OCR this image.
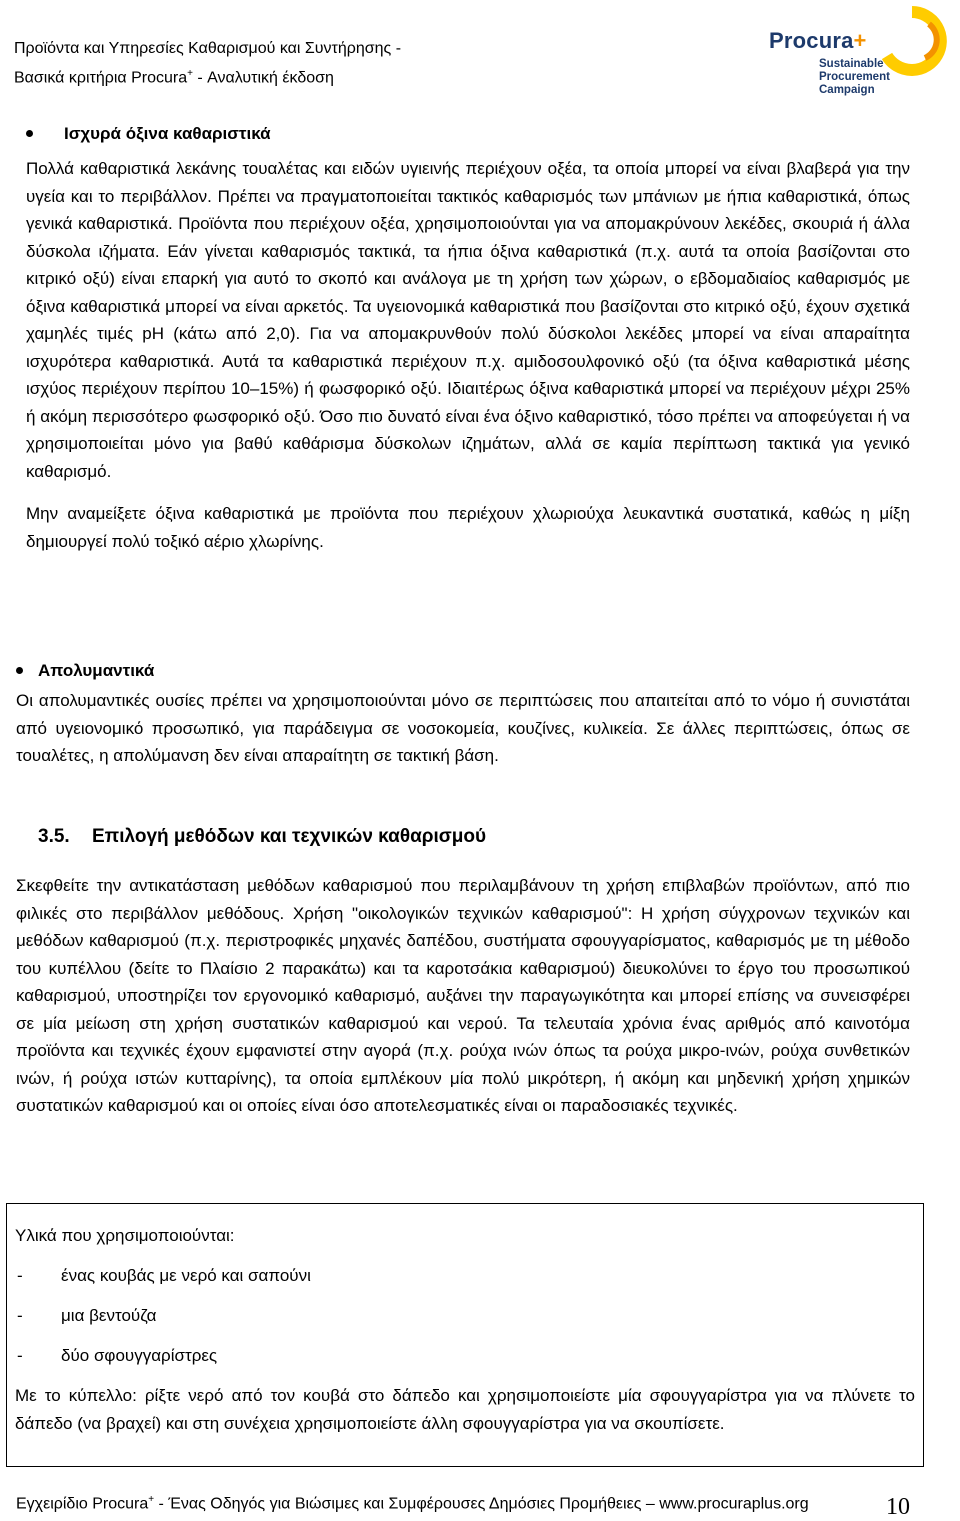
Προϊόντα και Υπηρεσίες Καθαρισμού και Συντήρησης -
Βασικά κριτήρια Procura+ - Αναλυτική έκδοση
Procura+
Sustainable
Procurement
Campaign
Ισχυρά όξινα καθαριστικά

Πολλά καθαριστικά λεκάνης τουαλέτας και ειδών υγιεινής περιέχουν οξέα, τα οποία μπορεί να είναι βλαβερά για την υγεία και το περιβάλλον. Πρέπει να πραγματοποιείται τακτικός καθαρισμός των μπάνιων με ήπια καθαριστικά, όπως γενικά καθαριστικά. Προϊόντα που περιέχουν οξέα, χρησιμοποιούνται για να απομακρύνουν λεκέδες, σκουριά ή άλλα δύσκολα ιζήματα. Εάν γίνεται καθαρισμός τακτικά, τα ήπια όξινα καθαριστικά (π.χ. αυτά τα οποία βασίζονται στο κιτρικό οξύ) είναι επαρκή για αυτό το σκοπό και ανάλογα με τη χρήση των χώρων, ο εβδομαδιαίος καθαρισμός με όξινα καθαριστικά μπορεί να είναι αρκετός. Τα υγειονομικά καθαριστικά που βασίζονται στο κιτρικό οξύ, έχουν σχετικά χαμηλές τιμές pH (κάτω από 2,0). Για να απομακρυνθούν πολύ δύσκολοι λεκέδες μπορεί να είναι απαραίτητα ισχυρότερα καθαριστικά. Αυτά τα καθαριστικά περιέχουν π.χ. αμιδοσουλφονικό οξύ (τα όξινα καθαριστικά μέσης ισχύος περιέχουν περίπου 10–15%) ή φωσφορικό οξύ. Ιδιαιτέρως όξινα καθαριστικά μπορεί να περιέχουν μέχρι 25% ή ακόμη περισσότερο φωσφορικό οξύ. Όσο πιο δυνατό είναι ένα όξινο καθαριστικό, τόσο πρέπει να αποφεύγεται ή να χρησιμοποιείται μόνο για βαθύ καθάρισμα δύσκολων ιζημάτων, αλλά σε καμία περίπτωση τακτικά για γενικό καθαρισμό.

Μην αναμείξετε όξινα καθαριστικά με προϊόντα που περιέχουν χλωριούχα λευκαντικά συστατικά, καθώς η μίξη δημιουργεί πολύ τοξικό αέριο χλωρίνης.

Απολυμαντικά

Οι απολυμαντικές ουσίες πρέπει να χρησιμοποιούνται μόνο σε περιπτώσεις που απαιτείται από το νόμο ή συνιστάται από υγειονομικό προσωπικό, για παράδειγμα σε νοσοκομεία, κουζίνες, κυλικεία. Σε άλλες περιπτώσεις, όπως σε τουαλέτες, η απολύμανση δεν είναι απαραίτητη σε τακτική βάση.

3.5. Επιλογή μεθόδων και τεχνικών καθαρισμού

Σκεφθείτε την αντικατάσταση μεθόδων καθαρισμού που περιλαμβάνουν τη χρήση επιβλαβών προϊόντων, από πιο φιλικές στο περιβάλλον μεθόδους. Χρήση "οικολογικών τεχνικών καθαρισμού": Η χρήση σύγχρονων τεχνικών και μεθόδων καθαρισμού (π.χ. περιστροφικές μηχανές δαπέδου, συστήματα σφουγγαρίσματος, καθαρισμός με τη μέθοδο του κυπέλλου (δείτε το Πλαίσιο 2 παρακάτω) και τα καροτσάκια καθαρισμού) διευκολύνει το έργο του προσωπικού καθαρισμού, υποστηρίζει τον εργονομικό καθαρισμό, αυξάνει την παραγωγικότητα και μπορεί επίσης να συνεισφέρει σε μία μείωση στη χρήση συστατικών καθαρισμού και νερού. Τα τελευταία χρόνια ένας αριθμός από καινοτόμα προϊόντα και τεχνικές έχουν εμφανιστεί στην αγορά (π.χ. ρούχα ινών όπως τα ρούχα μικρο-ινών, ρούχα συνθετικών ινών, ή ρούχα ιστών κυτταρίνης), τα οποία εμπλέκουν μία πολύ μικρότερη, ή ακόμη και μηδενική χρήση χημικών συστατικών καθαρισμού και οι οποίες είναι όσο αποτελεσματικές είναι οι παραδοσιακές τεχνικές.

Υλικά που χρησιμοποιούνται:
- ένας κουβάς με νερό και σαπούνι
- μια βεντούζα
- δύο σφουγγαρίστρες

Με το κύπελλο: ρίξτε νερό από τον κουβά στο δάπεδο και χρησιμοποιείστε μία σφουγγαρίστρα για να πλύνετε το δάπεδο (να βραχεί) και στη συνέχεια χρησιμοποιείστε άλλη σφουγγαρίστρα για να σκουπίσετε.

Εγχειρίδιο Procura+ - Ένας Οδηγός για Βιώσιμες και Συμφέρουσες Δημόσιες Προμήθειες – www.procuraplus.org	10
